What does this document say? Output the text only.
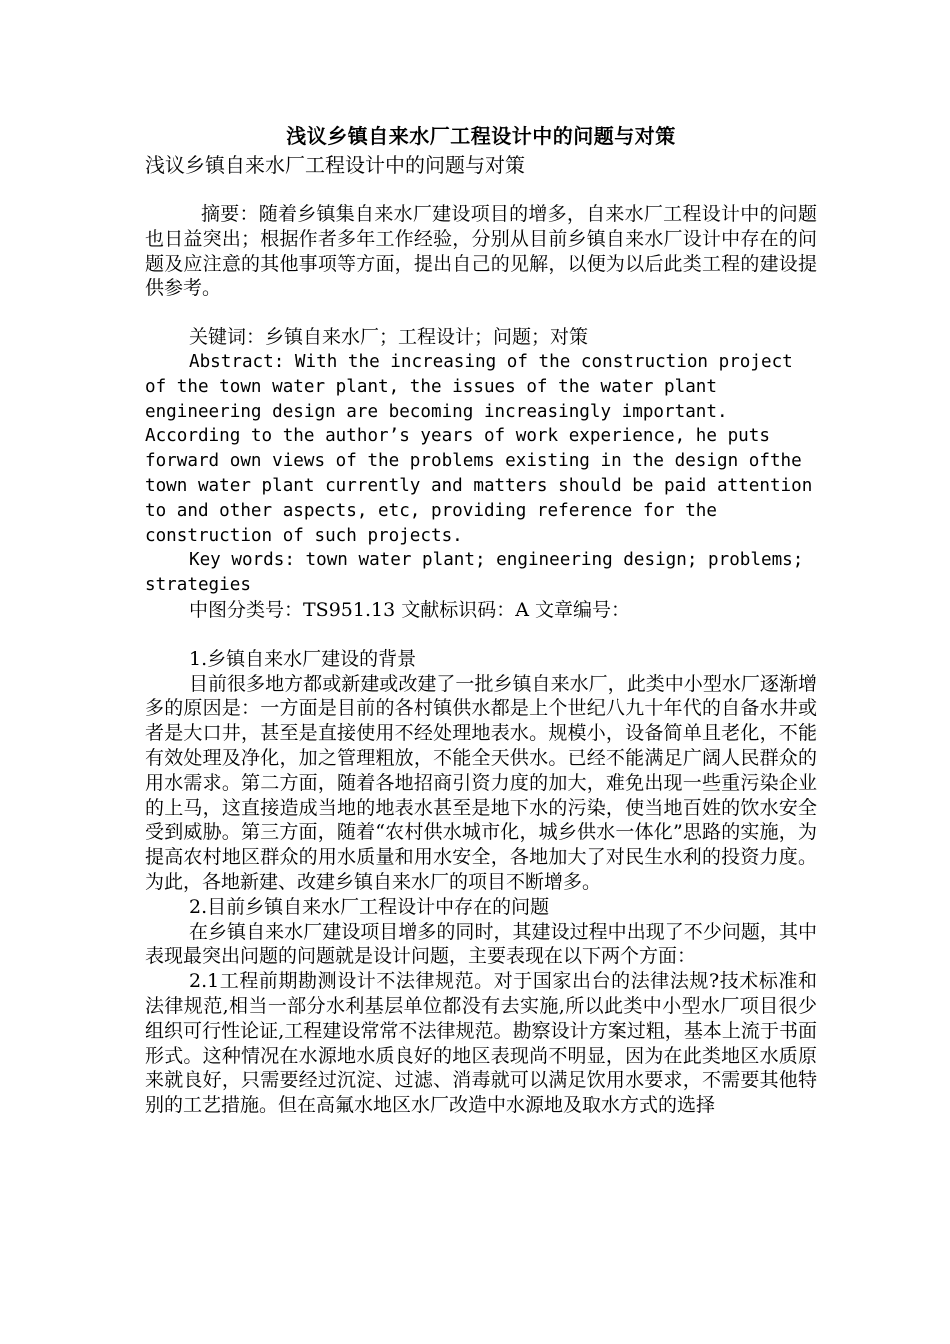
浅议乡镇自来水厂工程设计中的问题与对策
浅议乡镇自来水厂工程设计中的问题与对策

摘要：随着乡镇集自来水厂建设项目的增多，自来水厂工程设计中的问题也日益突出；根据作者多年工作经验，分别从目前乡镇自来水厂设计中存在的问题及应注意的其他事项等方面，提出自己的见解，以便为以后此类工程的建设提供参考。

关键词：乡镇自来水厂；工程设计；问题；对策

Abstract: With the increasing of the construction project of the town water plant, the issues of the water plant engineering design are becoming increasingly important. According to the author’s years of work experience, he puts forward own views of the problems existing in the design ofthe town water plant currently and matters should be paid attention to and other aspects, etc, providing reference for the construction of such projects.

Key words: town water plant; engineering design; problems; strategies

中图分类号：TS951.13 文献标识码：A 文章编号：

1.乡镇自来水厂建设的背景

目前很多地方都或新建或改建了一批乡镇自来水厂，此类中小型水厂逐渐增多的原因是：一方面是目前的各村镇供水都是上个世纪八九十年代的自备水井或者是大口井，甚至是直接使用不经处理地表水。规模小，设备简单且老化，不能有效处理及净化，加之管理粗放，不能全天供水。已经不能满足广阔人民群众的用水需求。第二方面，随着各地招商引资力度的加大，难免出现一些重污染企业的上马，这直接造成当地的地表水甚至是地下水的污染，使当地百姓的饮水安全受到威胁。第三方面，随着“农村供水城市化，城乡供水一体化”思路的实施，为提高农村地区群众的用水质量和用水安全，各地加大了对民生水利的投资力度。为此，各地新建、改建乡镇自来水厂的项目不断增多。

2.目前乡镇自来水厂工程设计中存在的问题

在乡镇自来水厂建设项目增多的同时，其建设过程中出现了不少问题，其中表现最突出问题的问题就是设计问题，主要表现在以下两个方面：

2.1工程前期勘测设计不法律规范。对于国家出台的法律法规?技术标准和法律规范,相当一部分水利基层单位都没有去实施,所以此类中小型水厂项目很少组织可行性论证,工程建设常常不法律规范。勘察设计方案过粗，基本上流于书面形式。这种情况在水源地水质良好的地区表现尚不明显，因为在此类地区水质原来就良好，只需要经过沉淀、过滤、消毒就可以满足饮用水要求，不需要其他特别的工艺措施。但在高氟水地区水厂改造中水源地及取水方式的选择
